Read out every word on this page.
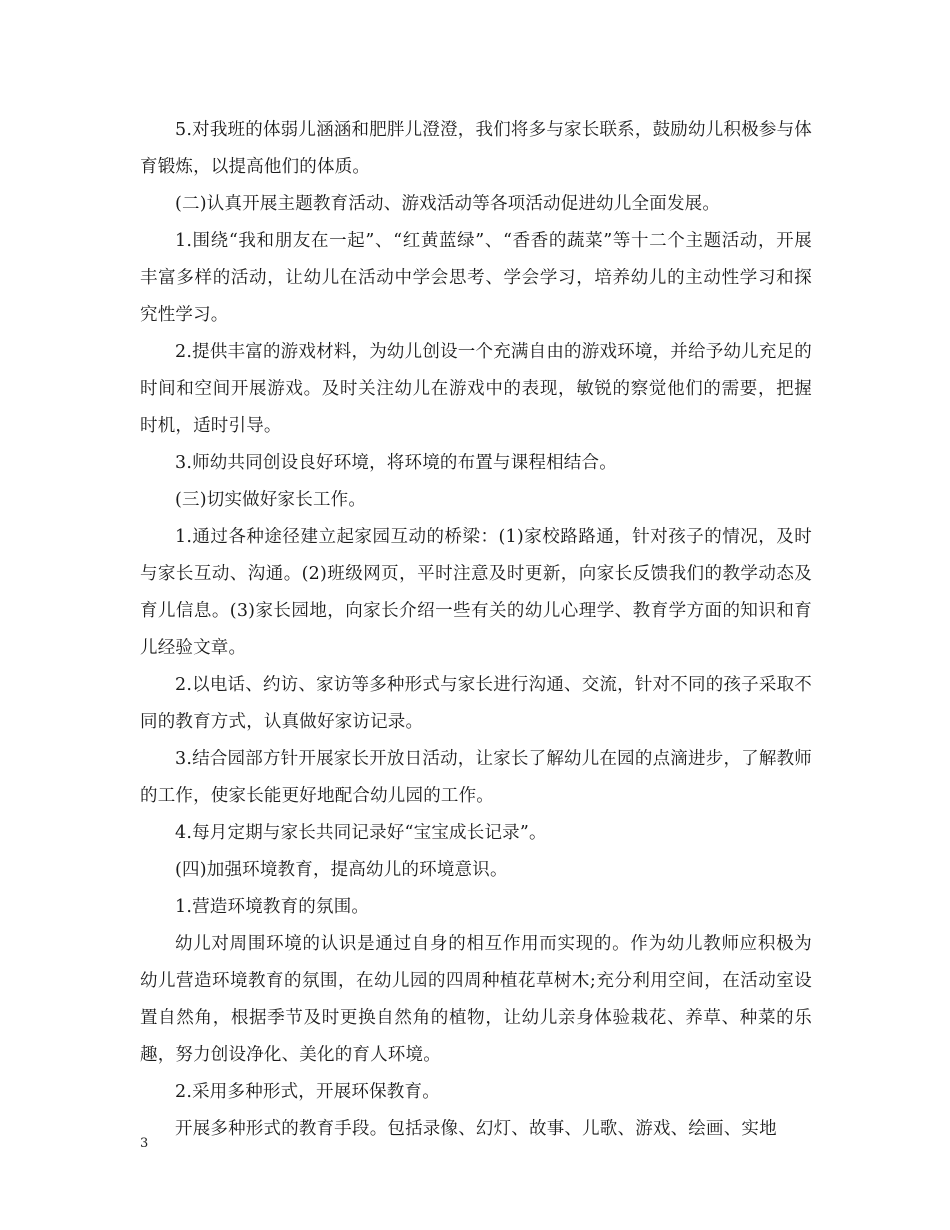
5.对我班的体弱儿涵涵和肥胖儿澄澄，我们将多与家长联系，鼓励幼儿积极参与体育锻炼，以提高他们的体质。

(二)认真开展主题教育活动、游戏活动等各项活动促进幼儿全面发展。

1.围绕“我和朋友在一起”、“红黄蓝绿”、“香香的蔬菜”等十二个主题活动，开展丰富多样的活动，让幼儿在活动中学会思考、学会学习，培养幼儿的主动性学习和探究性学习。

2.提供丰富的游戏材料，为幼儿创设一个充满自由的游戏环境，并给予幼儿充足的时间和空间开展游戏。及时关注幼儿在游戏中的表现，敏锐的察觉他们的需要，把握时机，适时引导。

3.师幼共同创设良好环境，将环境的布置与课程相结合。

(三)切实做好家长工作。

1.通过各种途径建立起家园互动的桥梁：(1)家校路路通，针对孩子的情况，及时与家长互动、沟通。(2)班级网页，平时注意及时更新，向家长反馈我们的教学动态及育儿信息。(3)家长园地，向家长介绍一些有关的幼儿心理学、教育学方面的知识和育儿经验文章。

2.以电话、约访、家访等多种形式与家长进行沟通、交流，针对不同的孩子采取不同的教育方式，认真做好家访记录。

3.结合园部方针开展家长开放日活动，让家长了解幼儿在园的点滴进步，了解教师的工作，使家长能更好地配合幼儿园的工作。

4.每月定期与家长共同记录好“宝宝成长记录”。

(四)加强环境教育，提高幼儿的环境意识。

1.营造环境教育的氛围。

幼儿对周围环境的认识是通过自身的相互作用而实现的。作为幼儿教师应积极为幼儿营造环境教育的氛围，在幼儿园的四周种植花草树木;充分利用空间，在活动室设置自然角，根据季节及时更换自然角的植物，让幼儿亲身体验栽花、养草、种菜的乐趣，努力创设净化、美化的育人环境。

2.采用多种形式，开展环保教育。

开展多种形式的教育手段。包括录像、幻灯、故事、儿歌、游戏、绘画、实地

3
